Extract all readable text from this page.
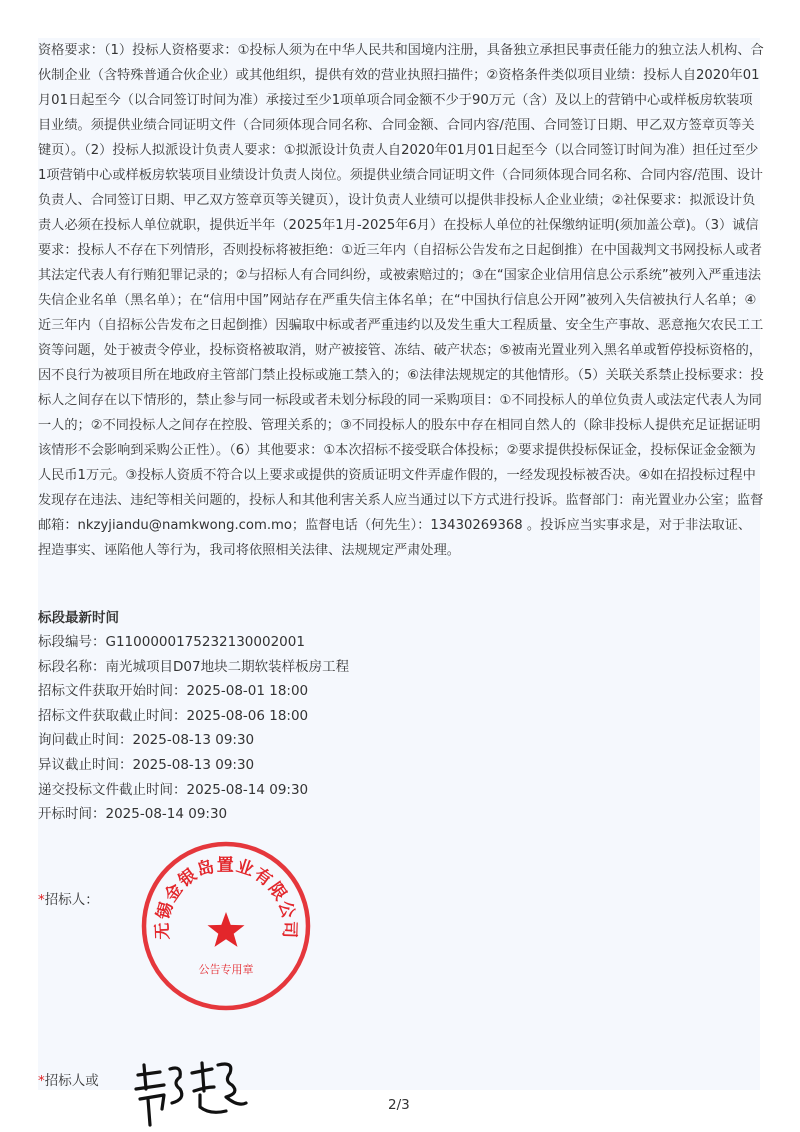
资格要求：（1）投标人资格要求：①投标人须为在中华人民共和国境内注册，具备独立承担民事责任能力的独立法人机构、合伙制企业（含特殊普通合伙企业）或其他组织，提供有效的营业执照扫描件；②资格条件类似项目业绩：投标人自2020年01月01日起至今（以合同签订时间为准）承接过至少1项单项合同金额不少于90万元（含）及以上的营销中心或样板房软装项目业绩。须提供业绩合同证明文件（合同须体现合同名称、合同金额、合同内容/范围、合同签订日期、甲乙双方签章页等关键页）。（2）投标人拟派设计负责人要求：①拟派设计负责人自2020年01月01日起至今（以合同签订时间为准）担任过至少1项营销中心或样板房软装项目业绩设计负责人岗位。须提供业绩合同证明文件（合同须体现合同名称、合同内容/范围、设计负责人、合同签订日期、甲乙双方签章页等关键页），设计负责人业绩可以提供非投标人企业业绩；②社保要求：拟派设计负责人必须在投标人单位就职，提供近半年（2025年1月-2025年6月）在投标人单位的社保缴纳证明(须加盖公章)。（3）诚信要求：投标人不存在下列情形，否则投标将被拒绝：①近三年内（自招标公告发布之日起倒推）在中国裁判文书网投标人或者其法定代表人有行贿犯罪记录的；②与招标人有合同纠纷，或被索赔过的；③在“国家企业信用信息公示系统”被列入严重违法失信企业名单（黑名单）；在“信用中国”网站存在严重失信主体名单；在“中国执行信息公开网”被列入失信被执行人名单；④近三年内（自招标公告发布之日起倒推）因骗取中标或者严重违约以及发生重大工程质量、安全生产事故、恶意拖欠农民工工资等问题，处于被责令停业，投标资格被取消，财产被接管、冻结、破产状态；⑤被南光置业列入黑名单或暂停投标资格的，因不良行为被项目所在地政府主管部门禁止投标或施工禁入的；⑥法律法规规定的其他情形。（5）关联关系禁止投标要求：投标人之间存在以下情形的，禁止参与同一标段或者未划分标段的同一采购项目：①不同投标人的单位负责人或法定代表人为同一人的；②不同投标人之间存在控股、管理关系的；③不同投标人的股东中存在相同自然人的（除非投标人提供充足证据证明该情形不会影响到采购公正性）。（6）其他要求：①本次招标不接受联合体投标；②要求提供投标保证金，投标保证金金额为人民币1万元。③投标人资质不符合以上要求或提供的资质证明文件弄虚作假的，一经发现投标被否决。④如在招投标过程中发现存在违法、违纪等相关问题的，投标人和其他利害关系人应当通过以下方式进行投诉。监督部门：南光置业办公室；监督邮箱：nkzyjiandu@namkwong.com.mo；监督电话（何先生）：13430269368 。投诉应当实事求是，对于非法取证、捏造事实、诬陷他人等行为，我司将依照相关法律、法规规定严肃处理。
标段最新时间
标段编号：G1100000175232130002001
标段名称：南光城项目D07地块二期软装样板房工程
招标文件获取开始时间：2025-08-01 18:00
招标文件获取截止时间：2025-08-06 18:00
询问截止时间：2025-08-13 09:30
异议截止时间：2025-08-13 09:30
递交投标文件截止时间：2025-08-14 09:30
开标时间：2025-08-14 09:30
*招标人：
无锡金银岛置业有限公司
公告专用章
*招标人或
2/3
